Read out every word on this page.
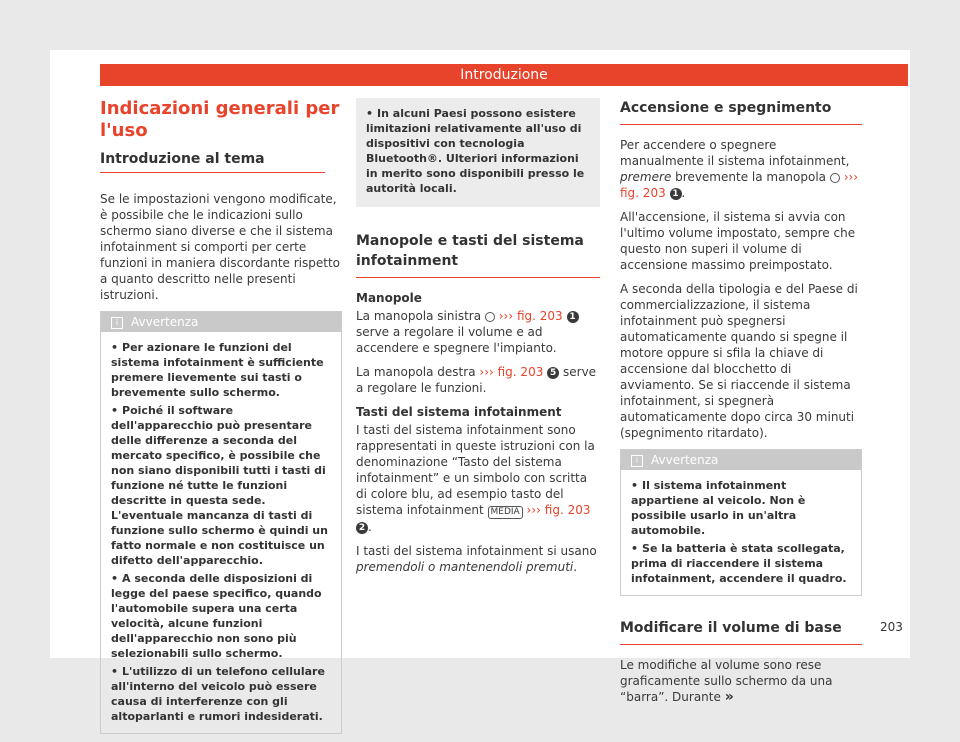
Introduzione
Indicazioni generali per l'uso
Introduzione al tema

Se le impostazioni vengono modificate, è possibile che le indicazioni sullo schermo siano diverse e che il sistema infotainment si comporti per certe funzioni in maniera discordante rispetto a quanto descritto nelle presenti istruzioni.

i Avvertenza
• Per azionare le funzioni del sistema infotainment è sufficiente premere lievemente sui tasti o brevemente sullo schermo.
• Poiché il software dell'apparecchio può presentare delle differenze a seconda del mercato specifico, è possibile che non siano disponibili tutti i tasti di funzione né tutte le funzioni descritte in questa sede. L'eventuale mancanza di tasti di funzione sullo schermo è quindi un fatto normale e non costituisce un difetto dell'apparecchio.
• A seconda delle disposizioni di legge del paese specifico, quando l'automobile supera una certa velocità, alcune funzioni dell'apparecchio non sono più selezionabili sullo schermo.
• L'utilizzo di un telefono cellulare all'interno del veicolo può essere causa di interferenze con gli altoparlanti e rumori indesiderati.
• In alcuni Paesi possono esistere limitazioni relativamente all'uso di dispositivi con tecnologia Bluetooth®. Ulteriori informazioni in merito sono disponibili presso le autorità locali.
Manopole e tasti del sistema infotainment
Manopole

La manopola sinistra ››› fig. 203 1 serve a regolare il volume e ad accendere e spegnere l'impianto.

La manopola destra ››› fig. 203 5 serve a regolare le funzioni.

Tasti del sistema infotainment

I tasti del sistema infotainment sono rappresentati in queste istruzioni con la denominazione “Tasto del sistema infotainment” e un simbolo con scritta di colore blu, ad esempio tasto del sistema infotainment MEDIA ››› fig. 203 2 .

I tasti del sistema infotainment si usano premendoli o mantenendoli premuti.

Accensione e spegnimento

Per accendere o spegnere manualmente il sistema infotainment, premere brevemente la manopola ››› fig. 203 1 .

All'accensione, il sistema si avvia con l'ultimo volume impostato, sempre che questo non superi il volume di accensione massimo preimpostato.

A seconda della tipologia e del Paese di commercializzazione, il sistema infotainment può spegnersi automaticamente quando si spegne il motore oppure si sfila la chiave di accensione dal blocchetto di avviamento. Se si riaccende il sistema infotainment, si spegnerà automaticamente dopo circa 30 minuti (spegnimento ritardato).

i Avvertenza
• Il sistema infotainment appartiene al veicolo. Non è possibile usarlo in un'altra automobile.
• Se la batteria è stata scollegata, prima di riaccendere il sistema infotainment, accendere il quadro.
Modificare il volume di base

Le modifiche al volume sono rese graficamente sullo schermo da una “barra”. Durante »

203
